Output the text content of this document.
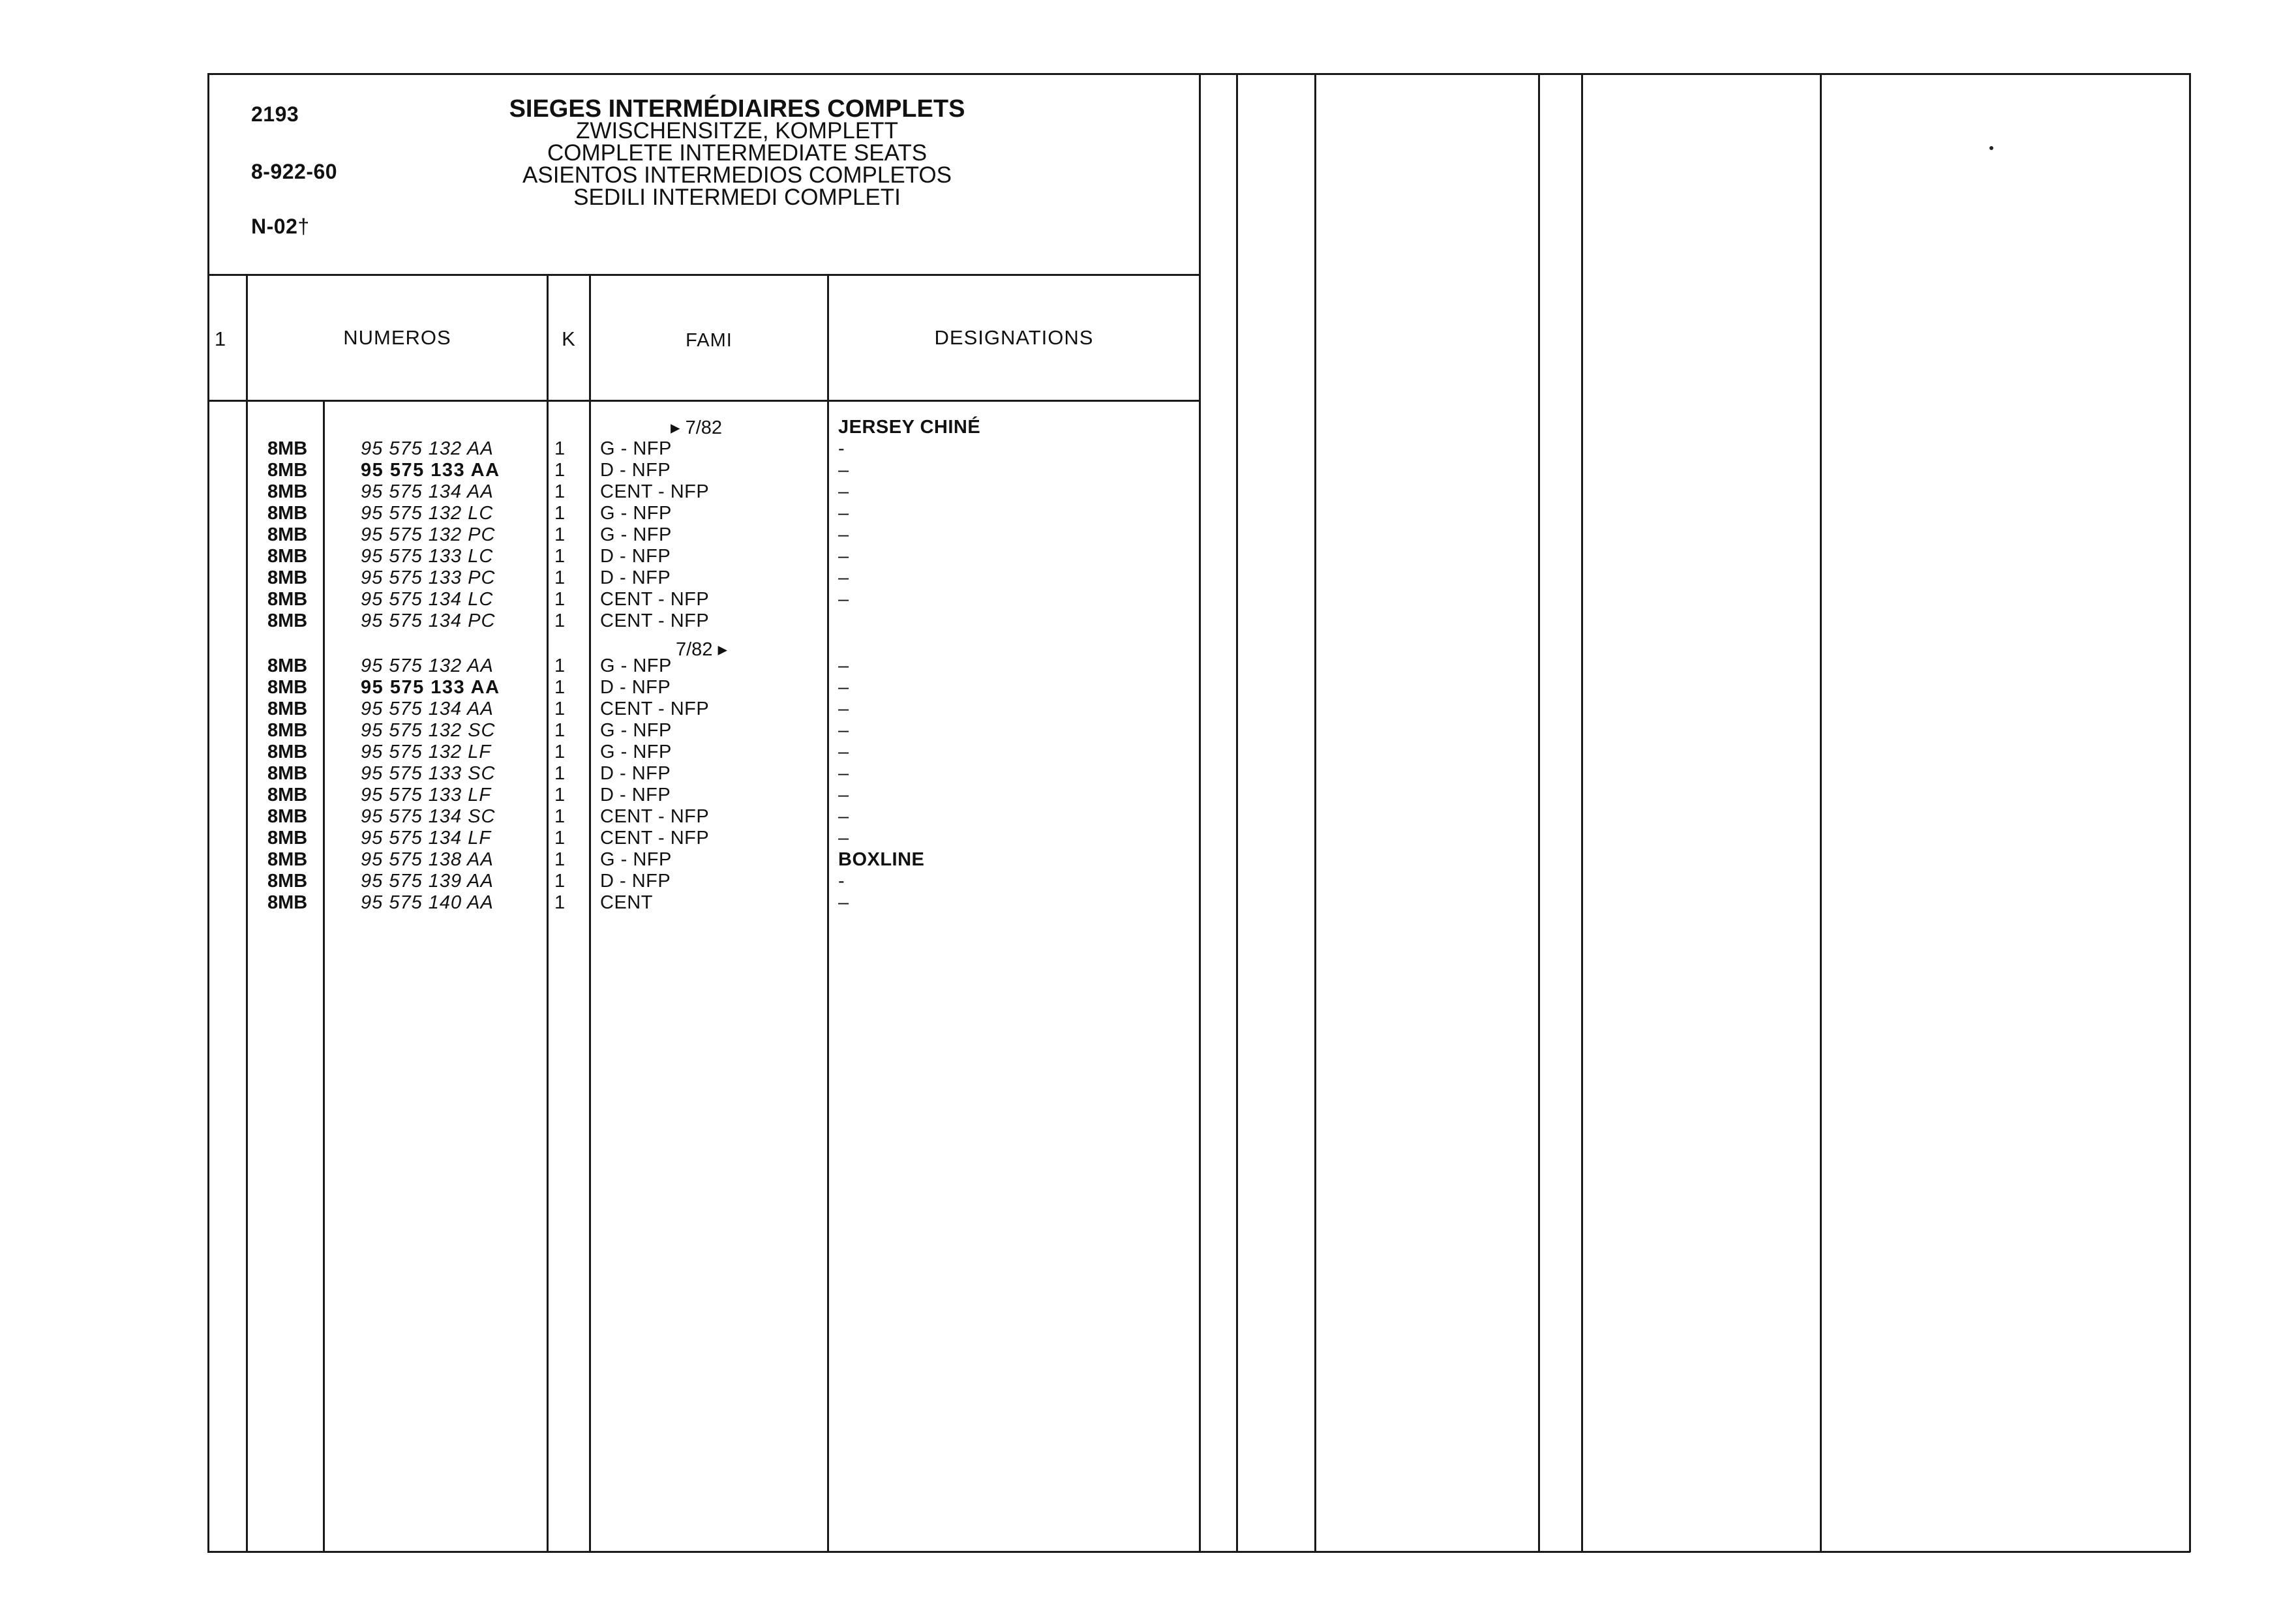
2193
8-922-60
N-02†
SIEGES INTERMÉDIAIRES COMPLETS
ZWISCHENSITZE, KOMPLETT
COMPLETE INTERMEDIATE SEATS
ASIENTOS INTERMEDIOS COMPLETOS
SEDILI INTERMEDI COMPLETI
1	NUMEROS	K	FAMI	DESIGNATIONS
▸ 7/82
7/82 ▸
JERSEY CHINÉ
8MB	95 575 132 AA	1 G - NFP	-
8MB	95 575 133 AA	1 D - NFP	–
8MB	95 575 134 AA	1 CENT - NFP	–
8MB	95 575 132 LC	1 G - NFP	–
8MB	95 575 132 PC	1 G - NFP	–
8MB	95 575 133 LC	1 D - NFP	–
8MB	95 575 133 PC	1 D - NFP	–
8MB	95 575 134 LC	1 CENT - NFP	–
8MB	95 575 134 PC	1 CENT - NFP
8MB	95 575 132 AA	1 G - NFP	–
8MB	95 575 133 AA	1 D - NFP	–
8MB	95 575 134 AA	1 CENT - NFP	–
8MB	95 575 132 SC	1 G - NFP	–
8MB	95 575 132 LF	1 G - NFP	–
8MB	95 575 133 SC	1 D - NFP	–
8MB	95 575 133 LF	1 D - NFP	–
8MB	95 575 134 SC	1 CENT - NFP	–
8MB	95 575 134 LF	1 CENT - NFP	–
8MB	95 575 138 AA	1 G - NFP	BOXLINE
8MB	95 575 139 AA	1 D - NFP	-
8MB	95 575 140 AA	1 CENT	–
